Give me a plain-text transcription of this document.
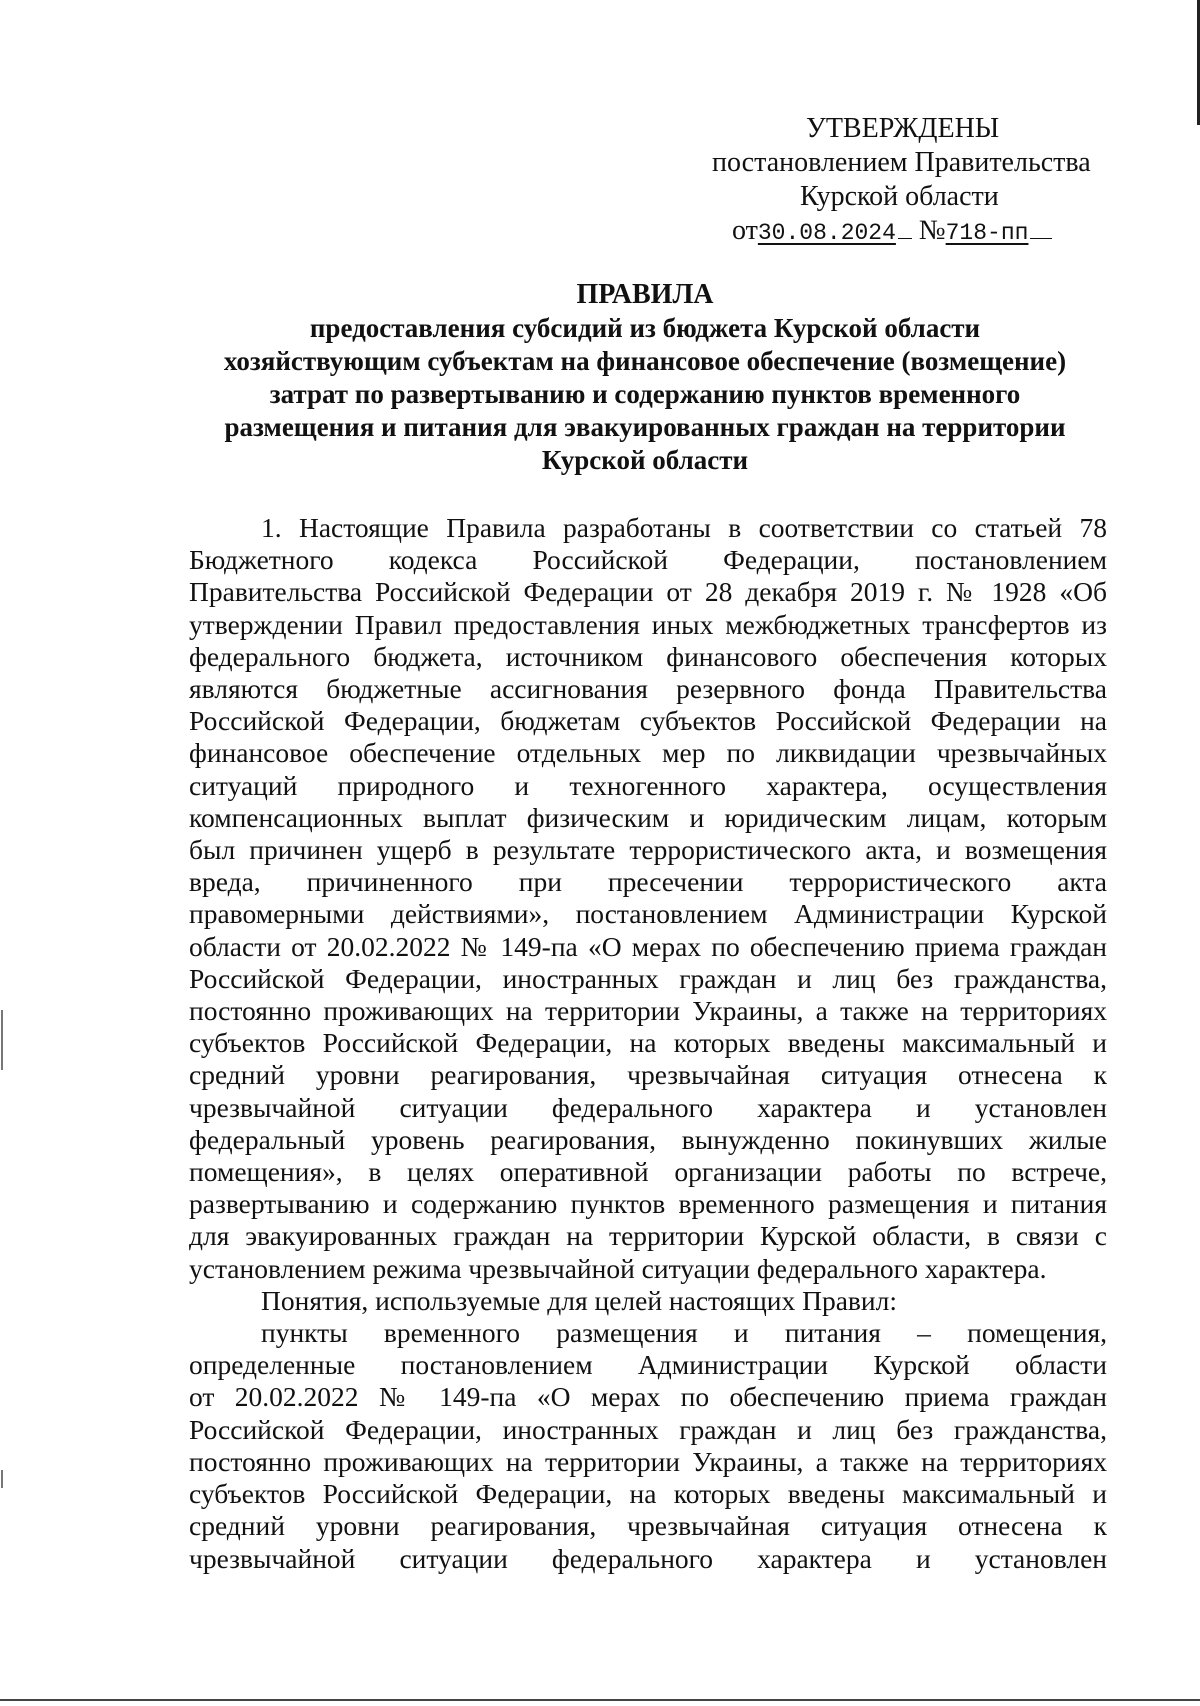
УТВЕРЖДЕНЫ
постановлением Правительства
Курской области
от30.08.2024 №718-пп
ПРАВИЛА
предоставления субсидий из бюджета Курской области
хозяйствующим субъектам на финансовое обеспечение (возмещение)
затрат по развертыванию и содержанию пунктов временного
размещения и питания для эвакуированных граждан на территории
Курской области
1. Настоящие Правила разработаны в соответствии со статьей 78
Бюджетного кодекса Российской Федерации, постановлением
Правительства Российской Федерации от 28 декабря 2019 г. № 1928 «Об
утверждении Правил предоставления иных межбюджетных трансфертов из
федерального бюджета, источником финансового обеспечения которых
являются бюджетные ассигнования резервного фонда Правительства
Российской Федерации, бюджетам субъектов Российской Федерации на
финансовое обеспечение отдельных мер по ликвидации чрезвычайных
ситуаций природного и техногенного характера, осуществления
компенсационных выплат физическим и юридическим лицам, которым
был причинен ущерб в результате террористического акта, и возмещения
вреда, причиненного при пресечении террористического акта
правомерными действиями», постановлением Администрации Курской
области от 20.02.2022 № 149-па «О мерах по обеспечению приема граждан
Российской Федерации, иностранных граждан и лиц без гражданства,
постоянно проживающих на территории Украины, а также на территориях
субъектов Российской Федерации, на которых введены максимальный и
средний уровни реагирования, чрезвычайная ситуация отнесена к
чрезвычайной ситуации федерального характера и установлен
федеральный уровень реагирования, вынужденно покинувших жилые
помещения», в целях оперативной организации работы по встрече,
развертыванию и содержанию пунктов временного размещения и питания
для эвакуированных граждан на территории Курской области, в связи с
установлением режима чрезвычайной ситуации федерального характера.
Понятия, используемые для целей настоящих Правил:
пункты временного размещения и питания – помещения,
определенные постановлением Администрации Курской области
от 20.02.2022 № 149-па «О мерах по обеспечению приема граждан
Российской Федерации, иностранных граждан и лиц без гражданства,
постоянно проживающих на территории Украины, а также на территориях
субъектов Российской Федерации, на которых введены максимальный и
средний уровни реагирования, чрезвычайная ситуация отнесена к
чрезвычайной ситуации федерального характера и установлен
